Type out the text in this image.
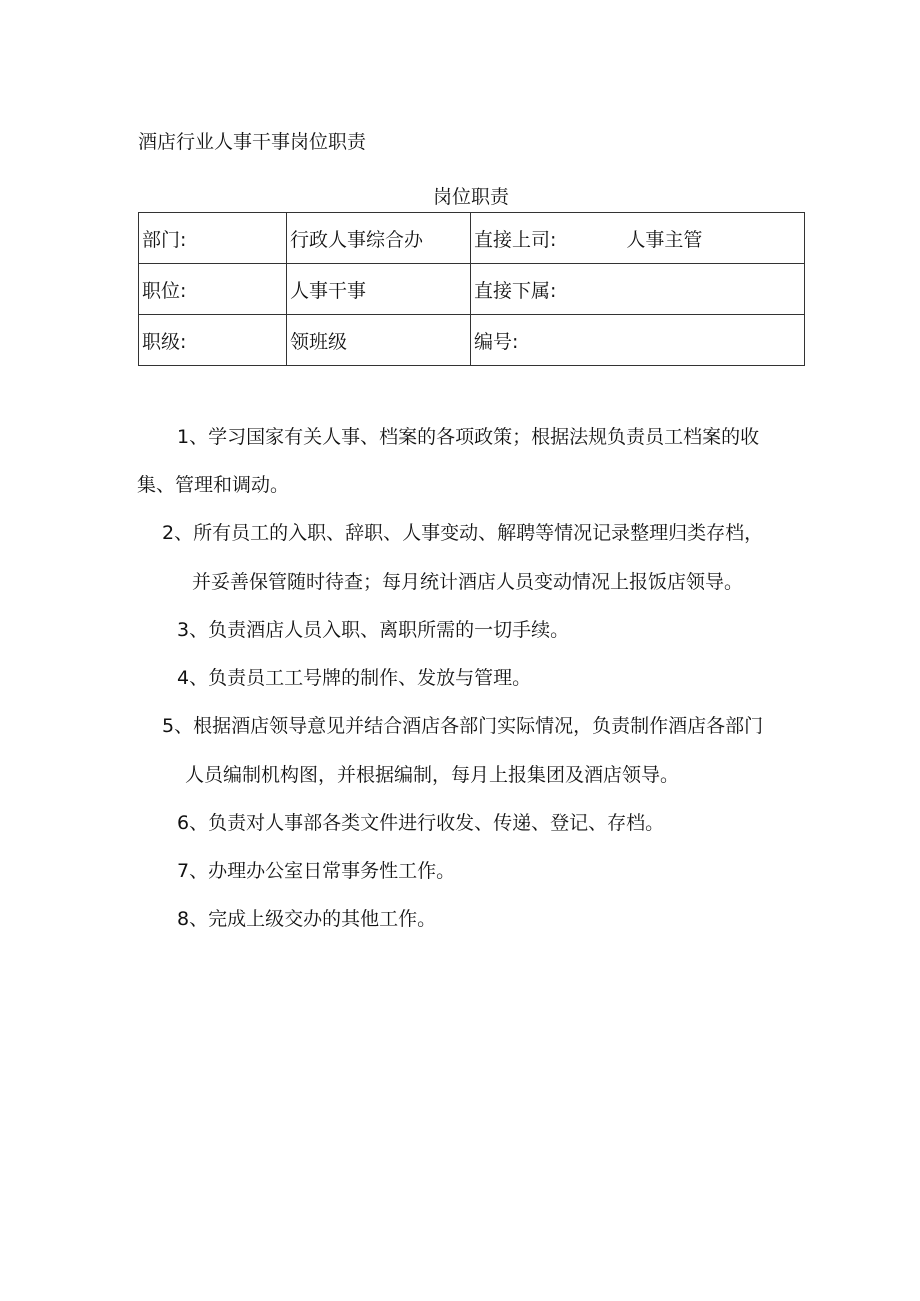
酒店行业人事干事岗位职责
岗位职责
部门:	行政人事综合办	直接上司: 人事主管
职位:	人事干事	直接下属:
职级:	领班级	编号:
1、学习国家有关人事、档案的各项政策；根据法规负责员工档案的收
集、管理和调动。
2、所有员工的入职、辞职、人事变动、解聘等情况记录整理归类存档，
并妥善保管随时待查；每月统计酒店人员变动情况上报饭店领导。
3、负责酒店人员入职、离职所需的一切手续。
4、负责员工工号牌的制作、发放与管理。
5、根据酒店领导意见并结合酒店各部门实际情况，负责制作酒店各部门
人员编制机构图，并根据编制，每月上报集团及酒店领导。
6、负责对人事部各类文件进行收发、传递、登记、存档。
7、办理办公室日常事务性工作。
8、完成上级交办的其他工作。
